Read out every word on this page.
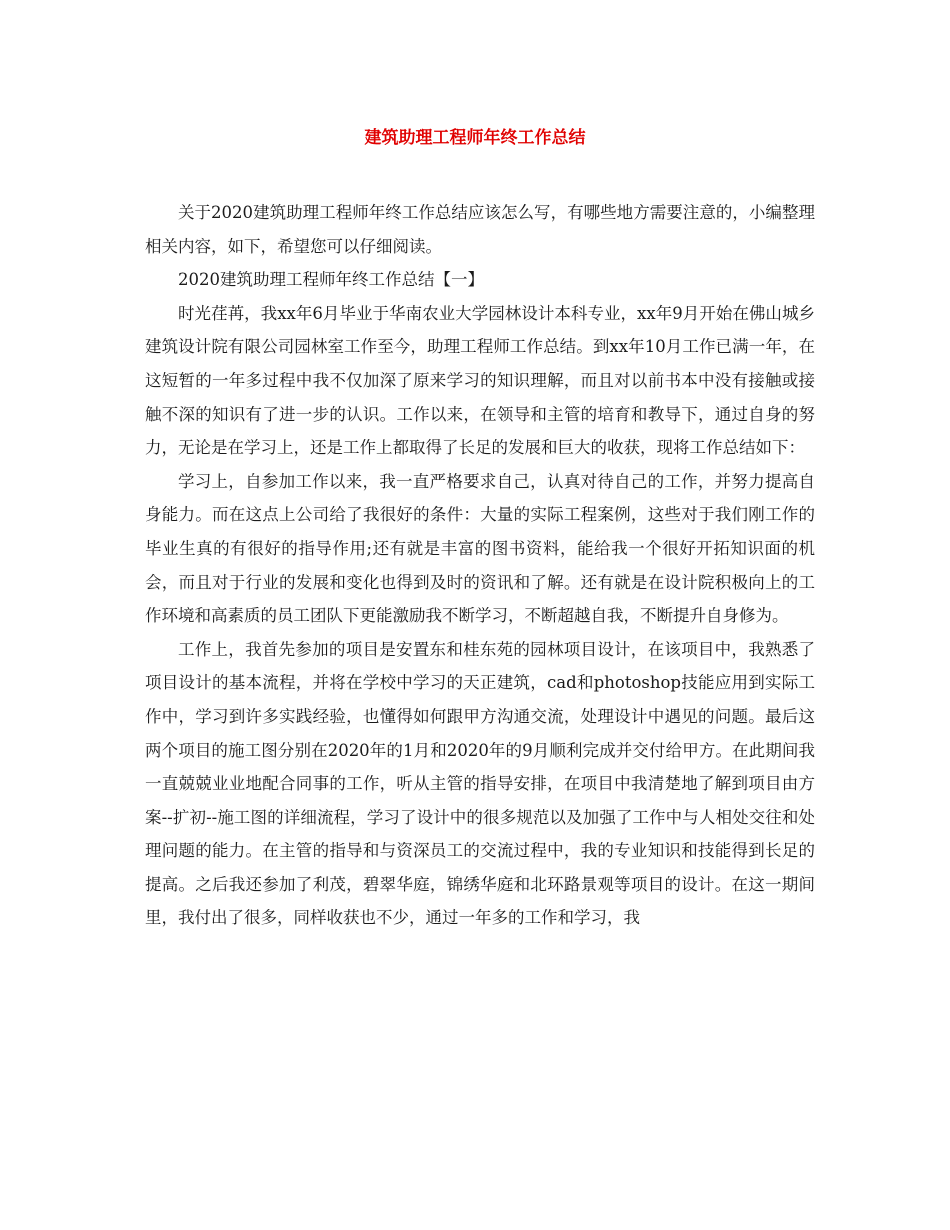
建筑助理工程师年终工作总结

关于2020建筑助理工程师年终工作总结应该怎么写，有哪些地方需要注意的，小编整理相关内容，如下，希望您可以仔细阅读。

2020建筑助理工程师年终工作总结【一】

时光荏苒，我xx年6月毕业于华南农业大学园林设计本科专业，xx年9月开始在佛山城乡建筑设计院有限公司园林室工作至今，助理工程师工作总结。到xx年10月工作已满一年，在这短暂的一年多过程中我不仅加深了原来学习的知识理解，而且对以前书本中没有接触或接触不深的知识有了进一步的认识。工作以来，在领导和主管的培育和教导下，通过自身的努力，无论是在学习上，还是工作上都取得了长足的发展和巨大的收获，现将工作总结如下：

学习上，自参加工作以来，我一直严格要求自己，认真对待自己的工作，并努力提高自身能力。而在这点上公司给了我很好的条件：大量的实际工程案例，这些对于我们刚工作的毕业生真的有很好的指导作用;还有就是丰富的图书资料，能给我一个很好开拓知识面的机会，而且对于行业的发展和变化也得到及时的资讯和了解。还有就是在设计院积极向上的工作环境和高素质的员工团队下更能激励我不断学习，不断超越自我，不断提升自身修为。

工作上，我首先参加的项目是安置东和桂东苑的园林项目设计，在该项目中，我熟悉了项目设计的基本流程，并将在学校中学习的天正建筑，cad和photoshop技能应用到实际工作中，学习到许多实践经验，也懂得如何跟甲方沟通交流，处理设计中遇见的问题。最后这两个项目的施工图分别在2020年的1月和2020年的9月顺利完成并交付给甲方。在此期间我一直兢兢业业地配合同事的工作，听从主管的指导安排，在项目中我清楚地了解到项目由方案--扩初--施工图的详细流程，学习了设计中的很多规范以及加强了工作中与人相处交往和处理问题的能力。在主管的指导和与资深员工的交流过程中，我的专业知识和技能得到长足的提高。之后我还参加了利茂，碧翠华庭，锦绣华庭和北环路景观等项目的设计。在这一期间里，我付出了很多，同样收获也不少，通过一年多的工作和学习，我
